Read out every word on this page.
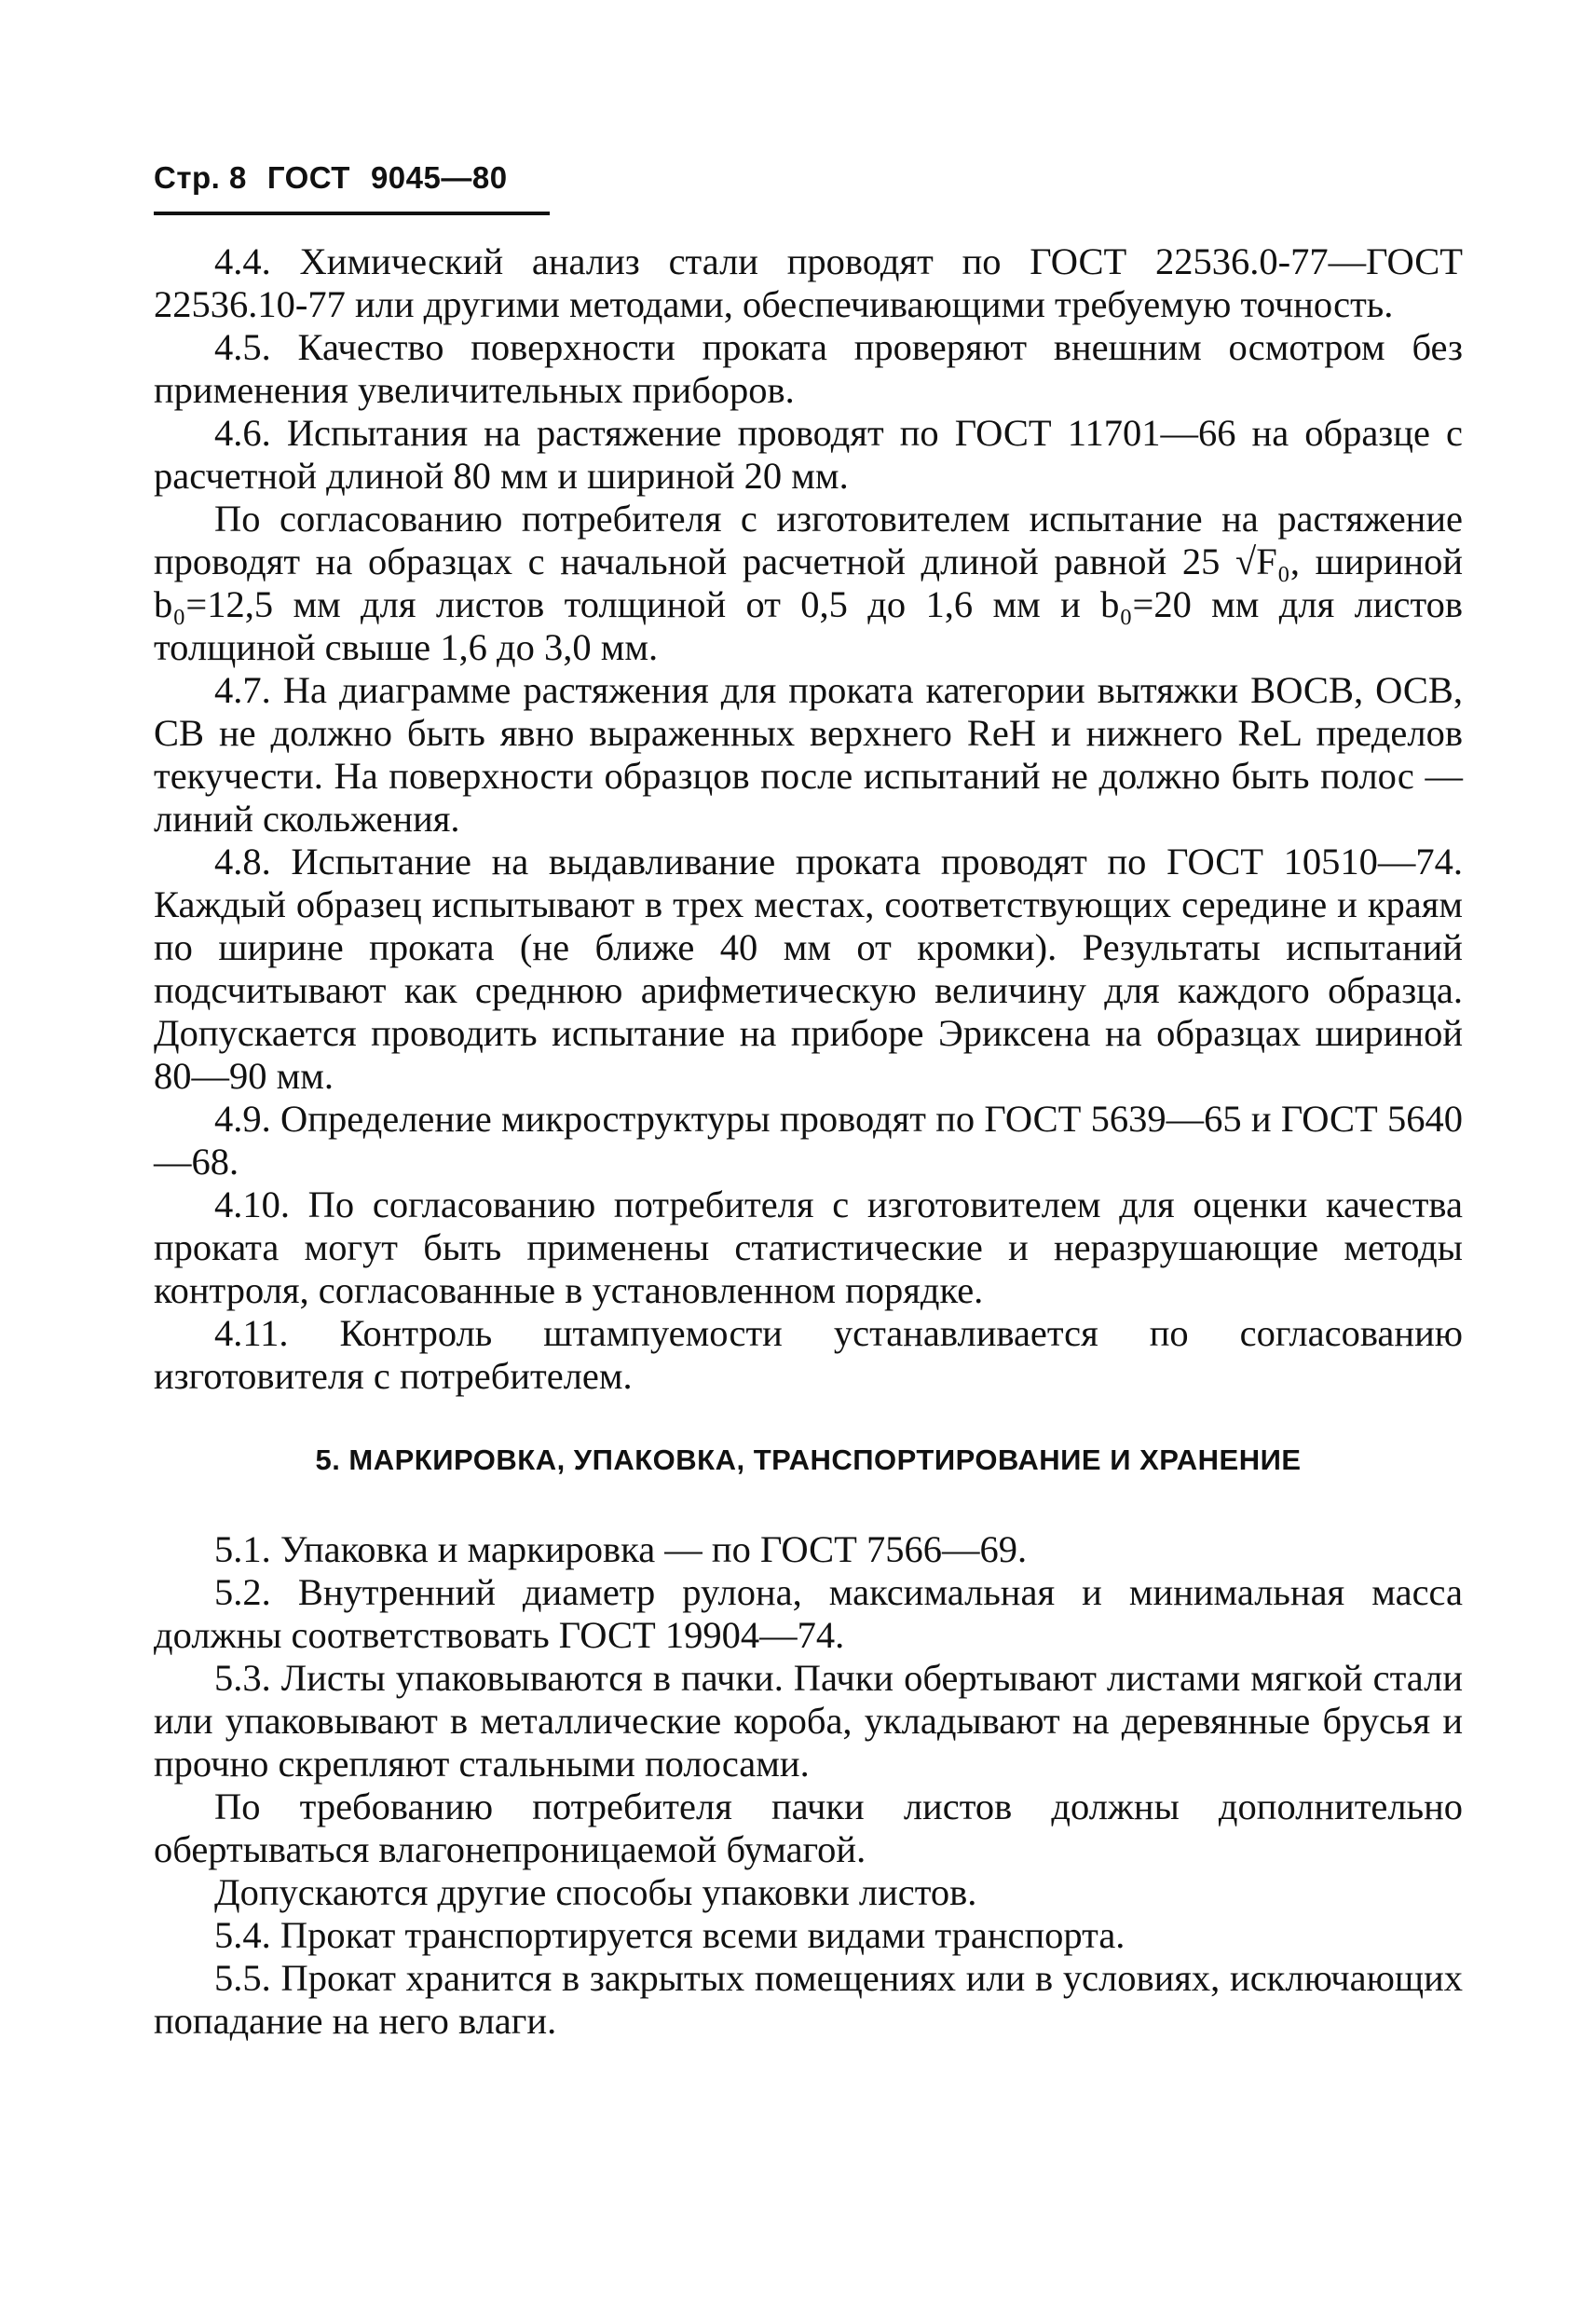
Стр. 8 ГОСТ 9045—80

4.4. Химический анализ стали проводят по ГОСТ 22536.0-77—ГОСТ 22536.10-77 или другими методами, обеспечивающими требуемую точность.

4.5. Качество поверхности проката проверяют внешним осмотром без применения увеличительных приборов.

4.6. Испытания на растяжение проводят по ГОСТ 11701—66 на образце с расчетной длиной 80 мм и шириной 20 мм.

По согласованию потребителя с изготовителем испытание на растяжение проводят на образцах с начальной расчетной длиной равной 25 √F₀, шириной b₀=12,5 мм для листов толщиной от 0,5 до 1,6 мм и b₀=20 мм для листов толщиной свыше 1,6 до 3,0 мм.

4.7. На диаграмме растяжения для проката категории вытяжки ВОСВ, ОСВ, СВ не должно быть явно выраженных верхнего ReH и нижнего ReL пределов текучести. На поверхности образцов после испытаний не должно быть полос — линий скольжения.

4.8. Испытание на выдавливание проката проводят по ГОСТ 10510—74. Каждый образец испытывают в трех местах, соответствующих середине и краям по ширине проката (не ближе 40 мм от кромки). Результаты испытаний подсчитывают как среднюю арифметическую величину для каждого образца. Допускается проводить испытание на приборе Эриксена на образцах шириной 80—90 мм.

4.9. Определение микроструктуры проводят по ГОСТ 5639—65 и ГОСТ 5640—68.

4.10. По согласованию потребителя с изготовителем для оценки качества проката могут быть применены статистические и неразрушающие методы контроля, согласованные в установленном порядке.

4.11. Контроль штампуемости устанавливается по согласованию изготовителя с потребителем.

5. МАРКИРОВКА, УПАКОВКА, ТРАНСПОРТИРОВАНИЕ И ХРАНЕНИЕ

5.1. Упаковка и маркировка — по ГОСТ 7566—69.

5.2. Внутренний диаметр рулона, максимальная и минимальная масса должны соответствовать ГОСТ 19904—74.

5.3. Листы упаковываются в пачки. Пачки обертывают листами мягкой стали или упаковывают в металлические короба, укладывают на деревянные брусья и прочно скрепляют стальными полосами.

По требованию потребителя пачки листов должны дополнительно обертываться влагонепроницаемой бумагой.

Допускаются другие способы упаковки листов.

5.4. Прокат транспортируется всеми видами транспорта.

5.5. Прокат хранится в закрытых помещениях или в условиях, исключающих попадание на него влаги.
